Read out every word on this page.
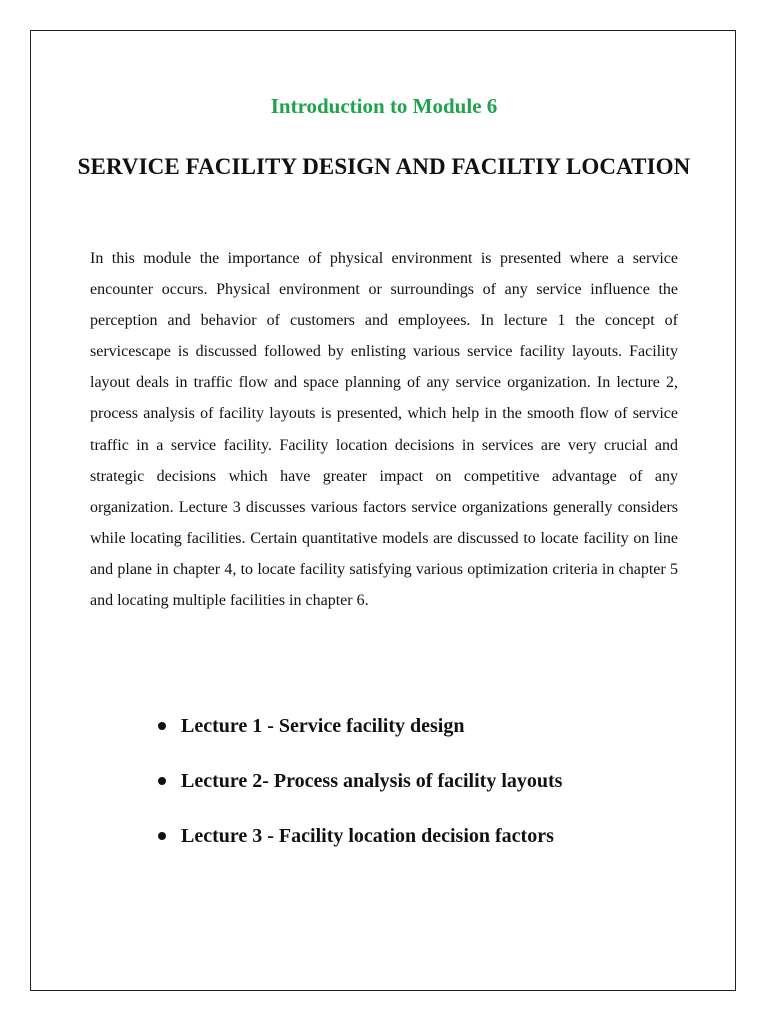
Introduction to Module 6
SERVICE FACILITY DESIGN AND FACILTIY LOCATION

In this module the importance of physical environment is presented where a service encounter occurs. Physical environment or surroundings of any service influence the perception and behavior of customers and employees. In lecture 1 the concept of servicescape is discussed followed by enlisting various service facility layouts. Facility layout deals in traffic flow and space planning of any service organization. In lecture 2, process analysis of facility layouts is presented, which help in the smooth flow of service traffic in a service facility. Facility location decisions in services are very crucial and strategic decisions which have greater impact on competitive advantage of any organization. Lecture 3 discusses various factors service organizations generally considers while locating facilities. Certain quantitative models are discussed to locate facility on line and plane in chapter 4, to locate facility satisfying various optimization criteria in chapter 5 and locating multiple facilities in chapter 6.

Lecture 1 - Service facility design
Lecture 2- Process analysis of facility layouts
Lecture 3 - Facility location decision factors
